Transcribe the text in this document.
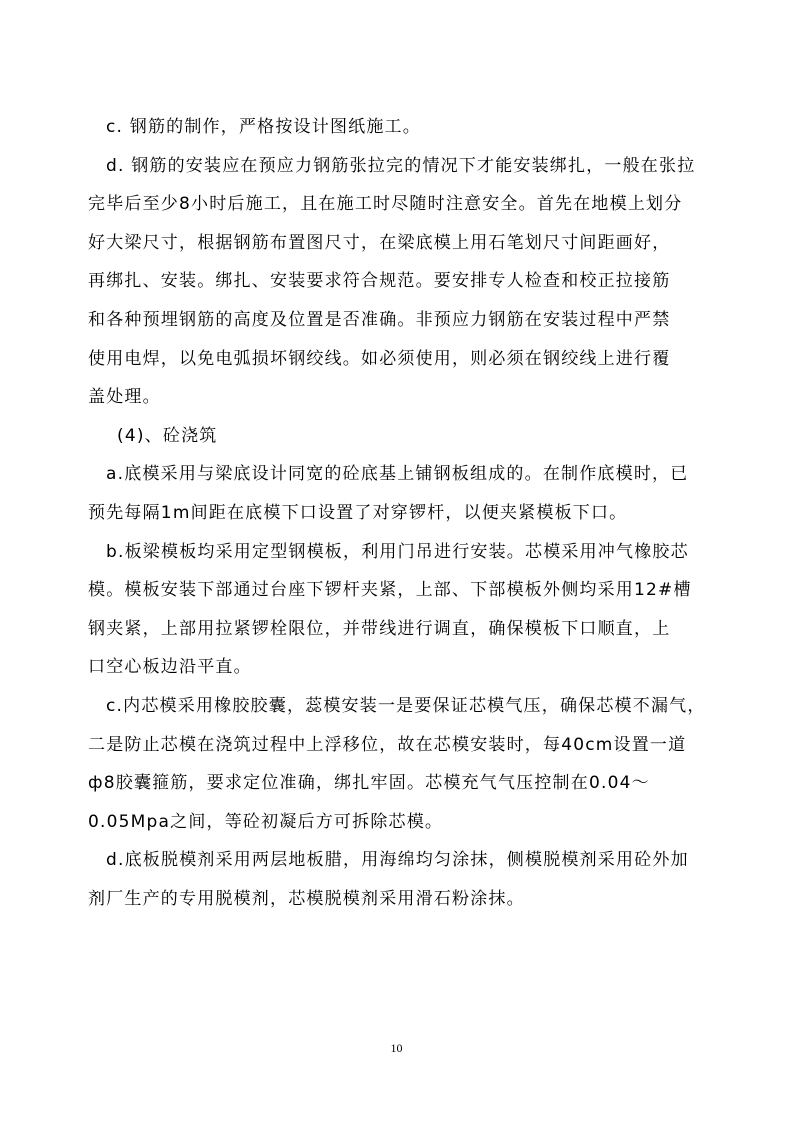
c. 钢筋的制作，严格按设计图纸施工。
d. 钢筋的安装应在预应力钢筋张拉完的情况下才能安装绑扎，一般在张拉
完毕后至少8小时后施工，且在施工时尽随时注意安全。首先在地模上划分
好大梁尺寸，根据钢筋布置图尺寸，在梁底模上用石笔划尺寸间距画好，
再绑扎、安装。绑扎、安装要求符合规范。要安排专人检查和校正拉接筋
和各种预埋钢筋的高度及位置是否准确。非预应力钢筋在安装过程中严禁
使用电焊，以免电弧损坏钢绞线。如必须使用，则必须在钢绞线上进行覆
盖处理。
(4)、砼浇筑
a.底模采用与梁底设计同宽的砼底基上铺钢板组成的。在制作底模时，已
预先每隔1m间距在底模下口设置了对穿锣杆，以便夹紧模板下口。
b.板梁模板均采用定型钢模板，利用门吊进行安装。芯模采用冲气橡胶芯
模。模板安装下部通过台座下锣杆夹紧，上部、下部模板外侧均采用12#槽
钢夹紧，上部用拉紧锣栓限位，并带线进行调直，确保模板下口顺直，上
口空心板边沿平直。
c.内芯模采用橡胶胶囊，蕊模安装一是要保证芯模气压，确保芯模不漏气，
二是防止芯模在浇筑过程中上浮移位，故在芯模安装时，每40cm设置一道
ф8胶囊箍筋，要求定位准确，绑扎牢固。芯模充气气压控制在0.04～
0.05Mpa之间，等砼初凝后方可拆除芯模。
d.底板脱模剂采用两层地板腊，用海绵均匀涂抹，侧模脱模剂采用砼外加
剂厂生产的专用脱模剂，芯模脱模剂采用滑石粉涂抹。
10
